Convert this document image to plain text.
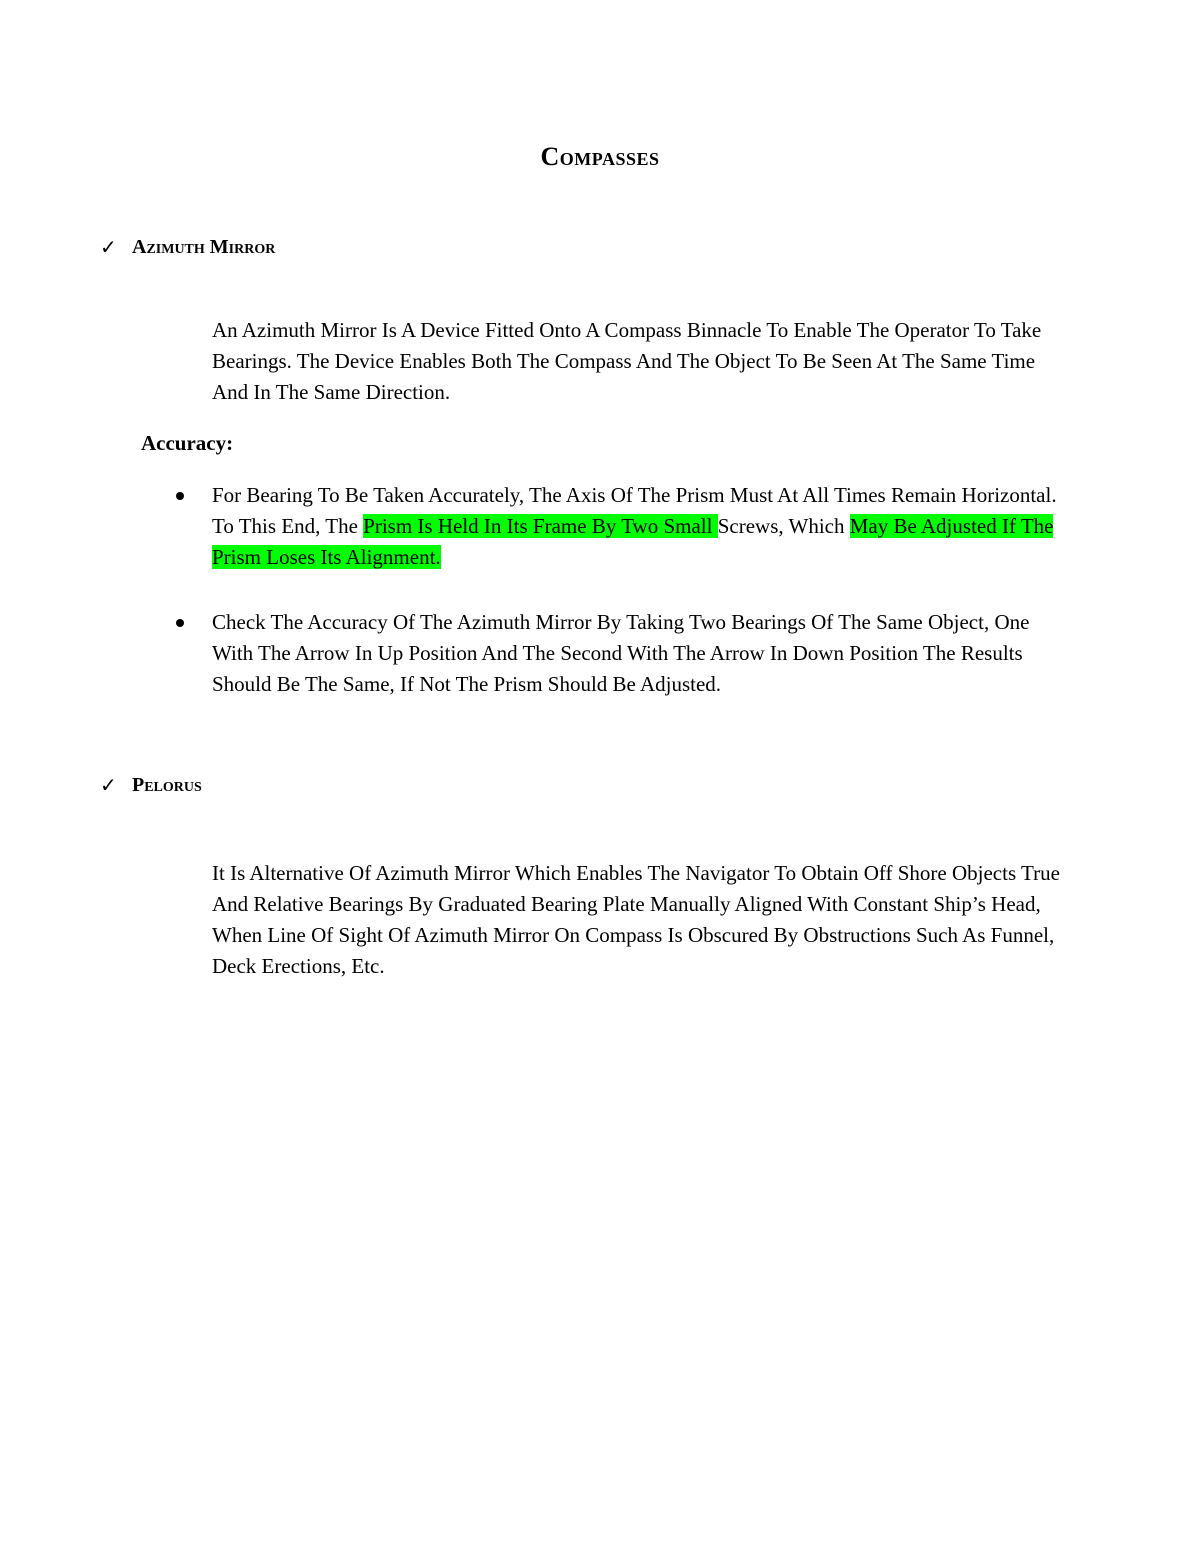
Compasses
✓ Azimuth Mirror
An Azimuth Mirror Is A Device Fitted Onto A Compass Binnacle To Enable The Operator To Take Bearings. The Device Enables Both The Compass And The Object To Be Seen At The Same Time And In The Same Direction.
Accuracy:
For Bearing To Be Taken Accurately, The Axis Of The Prism Must At All Times Remain Horizontal. To This End, The Prism Is Held In Its Frame By Two Small Screws, Which May Be Adjusted If The Prism Loses Its Alignment.
Check The Accuracy Of The Azimuth Mirror By Taking Two Bearings Of The Same Object, One With The Arrow In Up Position And The Second With The Arrow In Down Position The Results Should Be The Same, If Not The Prism Should Be Adjusted.
✓ Pelorus
It Is Alternative Of Azimuth Mirror Which Enables The Navigator To Obtain Off Shore Objects True And Relative Bearings By Graduated Bearing Plate Manually Aligned With Constant Ship’s Head, When Line Of Sight Of Azimuth Mirror On Compass Is Obscured By Obstructions Such As Funnel, Deck Erections, Etc.
